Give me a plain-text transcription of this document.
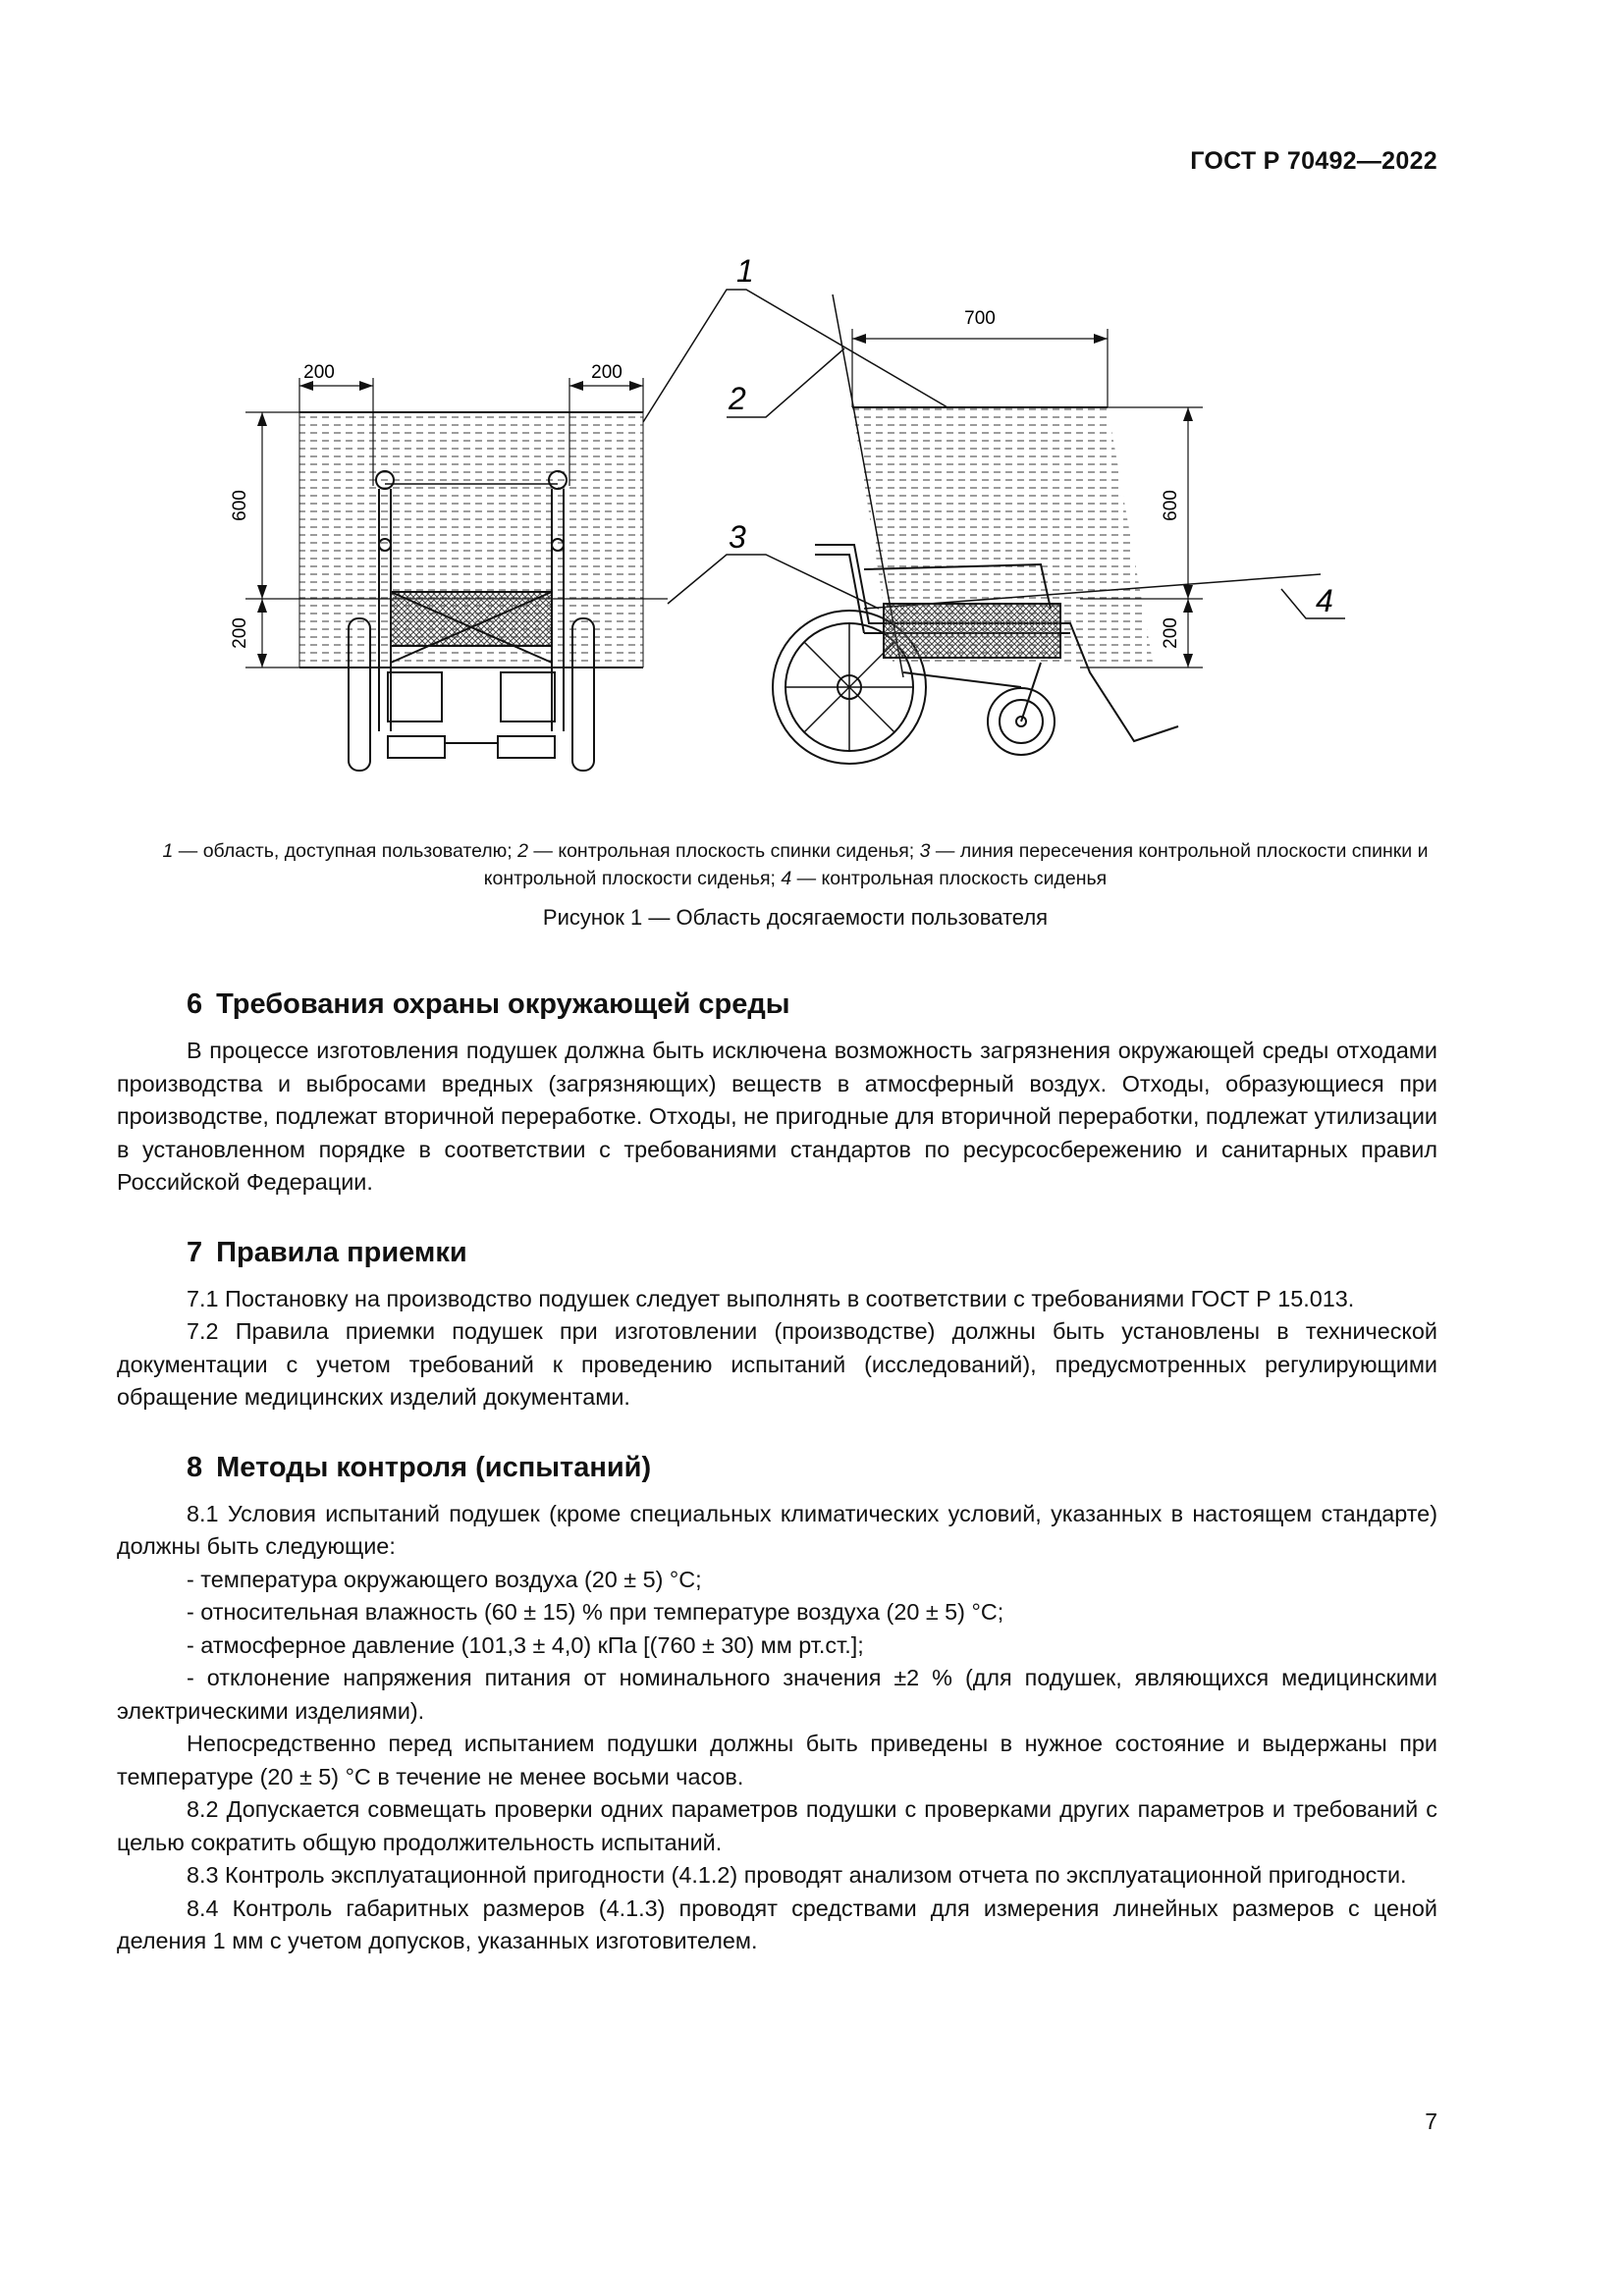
ГОСТ Р 70492—2022
200	200
600
200
700
600
200
1
2
3
4
1 — область, доступная пользователю; 2 — контрольная плоскость спинки сиденья; 3 — линия пересечения контрольной плоскости спинки и контрольной плоскости сиденья; 4 — контрольная плоскость сиденья
Рисунок 1 — Область досягаемости пользователя
6 Требования охраны окружающей среды

В процессе изготовления подушек должна быть исключена возможность загрязнения окружающей среды отходами производства и выбросами вредных (загрязняющих) веществ в атмосферный воздух. Отходы, образующиеся при производстве, подлежат вторичной переработке. Отходы, не пригодные для вторичной переработки, подлежат утилизации в установленном порядке в соответствии с требованиями стандартов по ресурсосбережению и санитарных правил Российской Федерации.

7 Правила приемки

7.1 Постановку на производство подушек следует выполнять в соответствии с требованиями ГОСТ Р 15.013.

7.2 Правила приемки подушек при изготовлении (производстве) должны быть установлены в технической документации с учетом требований к проведению испытаний (исследований), предусмотренных регулирующими обращение медицинских изделий документами.

8 Методы контроля (испытаний)

8.1 Условия испытаний подушек (кроме специальных климатических условий, указанных в настоящем стандарте) должны быть следующие:

- температура окружающего воздуха (20 ± 5) °С;

- относительная влажность (60 ± 15) % при температуре воздуха (20 ± 5) °С;

- атмосферное давление (101,3 ± 4,0) кПа [(760 ± 30) мм рт.ст.];

- отклонение напряжения питания от номинального значения ±2 % (для подушек, являющихся медицинскими электрическими изделиями).

Непосредственно перед испытанием подушки должны быть приведены в нужное состояние и выдержаны при температуре (20 ± 5) °С в течение не менее восьми часов.

8.2 Допускается совмещать проверки одних параметров подушки с проверками других параметров и требований с целью сократить общую продолжительность испытаний.

8.3 Контроль эксплуатационной пригодности (4.1.2) проводят анализом отчета по эксплуатационной пригодности.

8.4 Контроль габаритных размеров (4.1.3) проводят средствами для измерения линейных размеров с ценой деления 1 мм с учетом допусков, указанных изготовителем.

7
